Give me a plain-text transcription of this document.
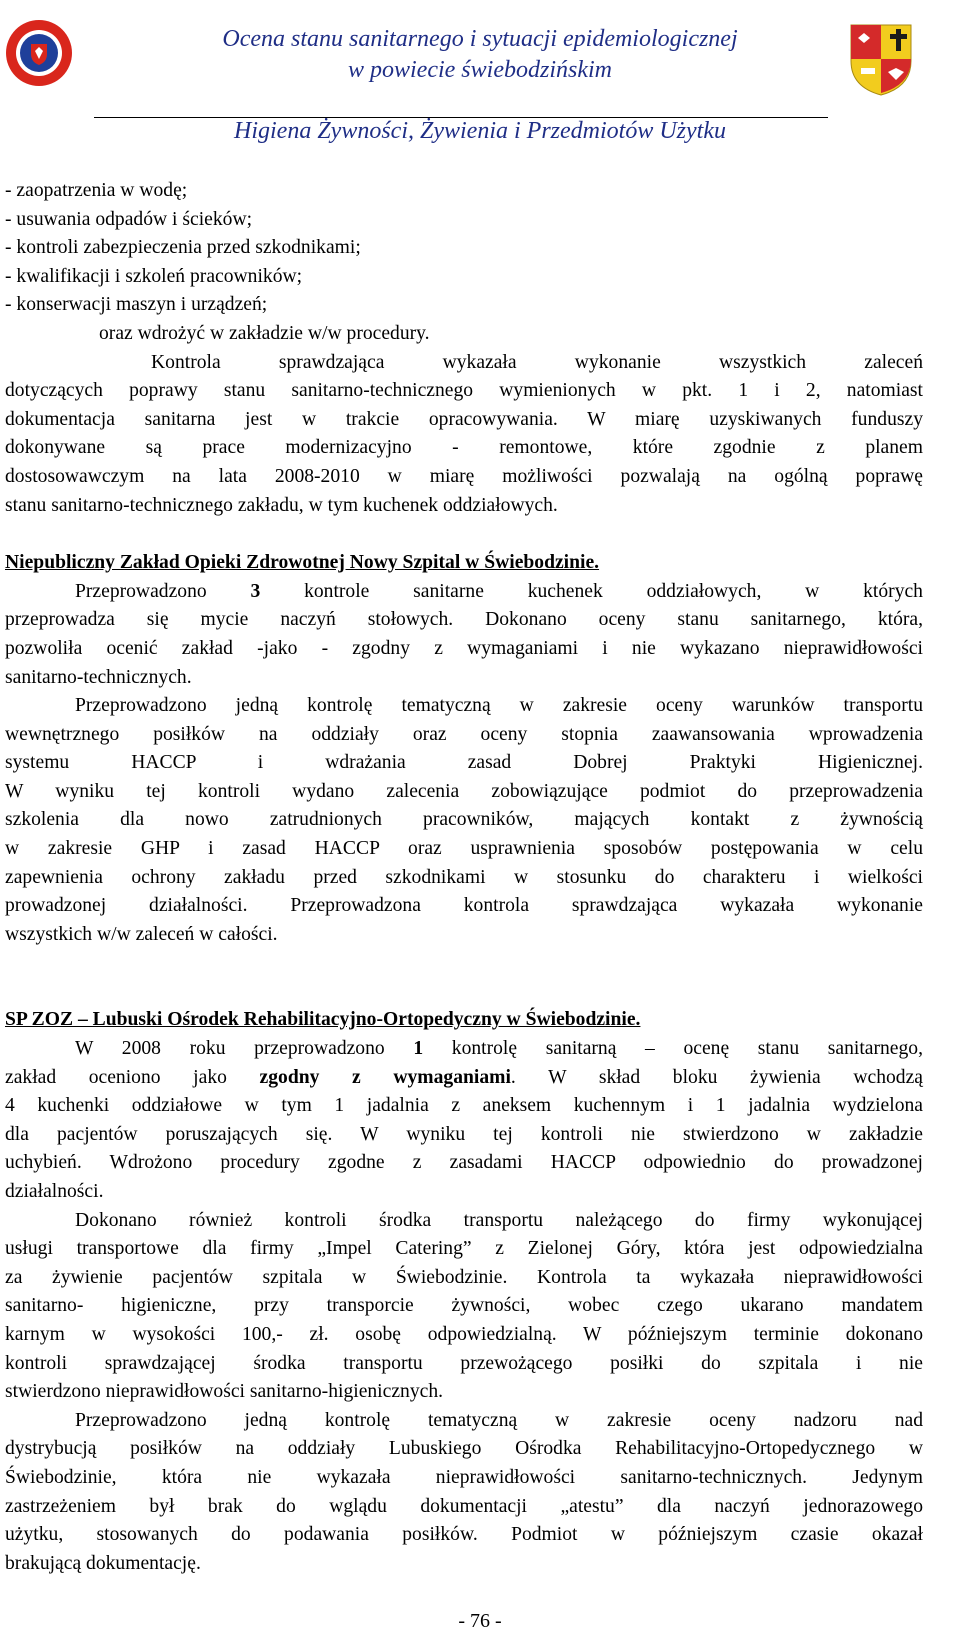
Ocena stanu sanitarnego i sytuacji epidemiologicznej
w powiecie świebodzińskim
Higiena Żywności, Żywienia i Przedmiotów Użytku
- zaopatrzenia w wodę;
- usuwania odpadów i ścieków;
- kontroli zabezpieczenia przed szkodnikami;
- kwalifikacji i szkoleń pracowników;
- konserwacji maszyn i urządzeń;
oraz wdrożyć w zakładzie w/w procedury.
Kontrola sprawdzająca wykazała wykonanie wszystkich zaleceń
dotyczących poprawy stanu sanitarno-technicznego wymienionych w pkt. 1 i 2, natomiast
dokumentacja sanitarna jest w trakcie opracowywania. W miarę uzyskiwanych funduszy
dokonywane są prace modernizacyjno - remontowe, które zgodnie z planem
dostosowawczym na lata 2008-2010 w miarę możliwości pozwalają na ogólną poprawę
stanu sanitarno-technicznego zakładu, w tym kuchenek oddziałowych.
Niepubliczny Zakład Opieki Zdrowotnej Nowy Szpital w Świebodzinie.
Przeprowadzono 3 kontrole sanitarne kuchenek oddziałowych, w których
przeprowadza się mycie naczyń stołowych. Dokonano oceny stanu sanitarnego, która,
pozwoliła ocenić zakład -jako - zgodny z wymaganiami i nie wykazano nieprawidłowości
sanitarno-technicznych.
Przeprowadzono jedną kontrolę tematyczną w zakresie oceny warunków transportu
wewnętrznego posiłków na oddziały oraz oceny stopnia zaawansowania wprowadzenia
systemu HACCP i wdrażania zasad Dobrej Praktyki Higienicznej.
W wyniku tej kontroli wydano zalecenia zobowiązujące podmiot do przeprowadzenia
szkolenia dla nowo zatrudnionych pracowników, mających kontakt z żywnością
w zakresie GHP i zasad HACCP oraz usprawnienia sposobów postępowania w celu
zapewnienia ochrony zakładu przed szkodnikami w stosunku do charakteru i wielkości
prowadzonej działalności. Przeprowadzona kontrola sprawdzająca wykazała wykonanie
wszystkich w/w zaleceń w całości.
SP ZOZ – Lubuski Ośrodek Rehabilitacyjno-Ortopedyczny w Świebodzinie.
W 2008 roku przeprowadzono 1 kontrolę sanitarną – ocenę stanu sanitarnego,
zakład oceniono jako zgodny z wymaganiami. W skład bloku żywienia wchodzą
4 kuchenki oddziałowe w tym 1 jadalnia z aneksem kuchennym i 1 jadalnia wydzielona
dla pacjentów poruszających się. W wyniku tej kontroli nie stwierdzono w zakładzie
uchybień. Wdrożono procedury zgodne z zasadami HACCP odpowiednio do prowadzonej
działalności.
Dokonano również kontroli środka transportu należącego do firmy wykonującej
usługi transportowe dla firmy „Impel Catering” z Zielonej Góry, która jest odpowiedzialna
za żywienie pacjentów szpitala w Świebodzinie. Kontrola ta wykazała nieprawidłowości
sanitarno- higieniczne, przy transporcie żywności, wobec czego ukarano mandatem
karnym w wysokości 100,- zł. osobę odpowiedzialną. W późniejszym terminie dokonano
kontroli sprawdzającej środka transportu przewożącego posiłki do szpitala i nie
stwierdzono nieprawidłowości sanitarno-higienicznych.
Przeprowadzono jedną kontrolę tematyczną w zakresie oceny nadzoru nad
dystrybucją posiłków na oddziały Lubuskiego Ośrodka Rehabilitacyjno-Ortopedycznego w
Świebodzinie, która nie wykazała nieprawidłowości sanitarno-technicznych. Jedynym
zastrzeżeniem był brak do wglądu dokumentacji „atestu” dla naczyń jednorazowego
użytku, stosowanych do podawania posiłków. Podmiot w późniejszym czasie okazał
brakującą dokumentację.
- 76 -
